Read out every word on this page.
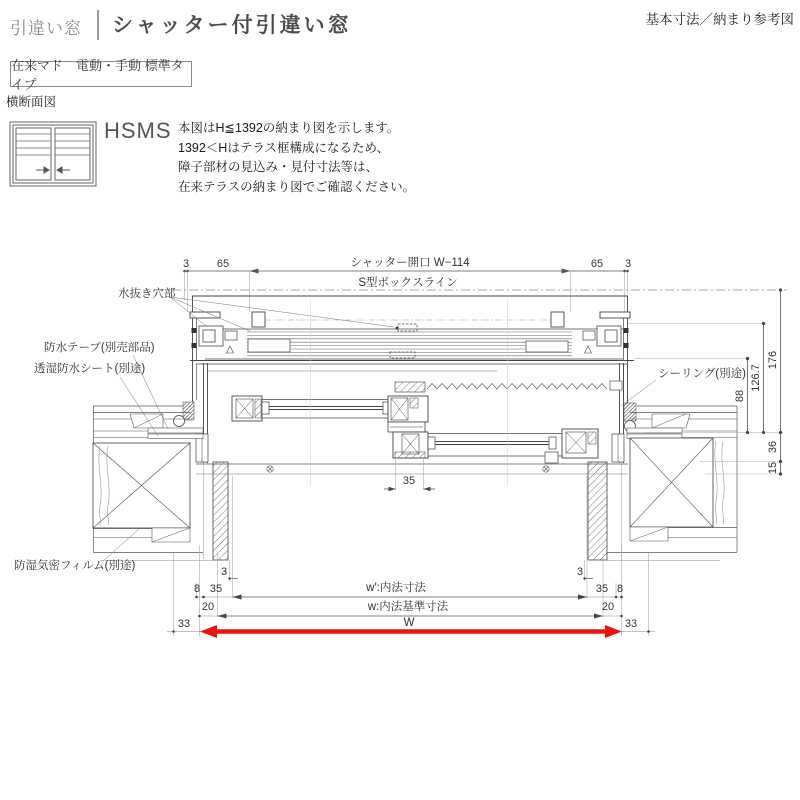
引違い窓 シャッター付引違い窓	基本寸法／納まり参考図
在来マド　電動・手動 標準タイプ
横断面図
HSMS 本図はH≦1392の納まり図を示します。
1392＜Hはテラス框構成になるため、
障子部材の見込み・見付寸法等は、
在来テラスの納まり図でご確認ください。
3	65	シャッター開口 W−114	65 3
S型ボックスライン
水抜き穴部
88
126.7
176
36
15
シーリング(別途)
防水テープ(別売部品)
透湿防水シート(別途)
防湿気密フィルム(別途)
35
3	3
8 35	w′:内法寸法	35 8
20	w:内法基準寸法	20
33	33
W
